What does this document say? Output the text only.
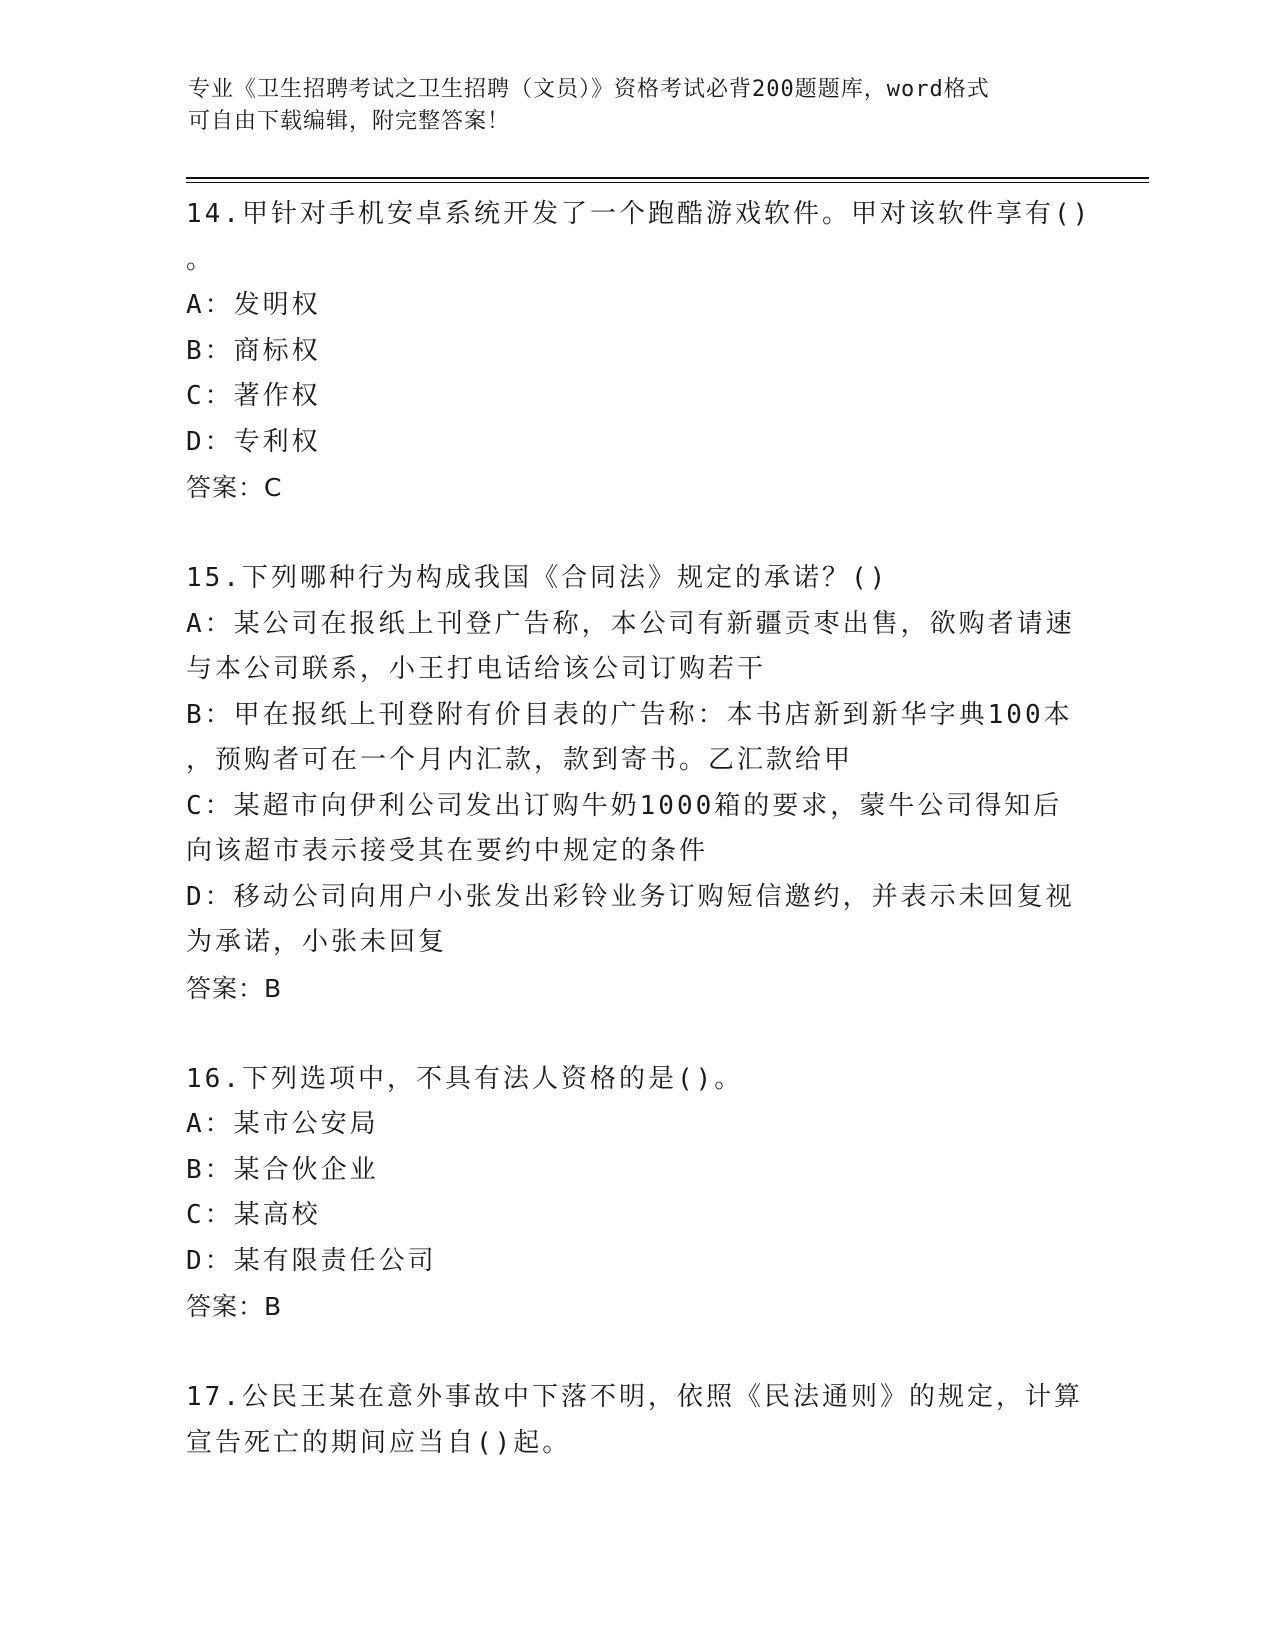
专业《卫生招聘考试之卫生招聘（文员）》资格考试必背200题题库，word格式
可自由下载编辑，附完整答案！
14.甲针对手机安卓系统开发了一个跑酷游戏软件。甲对该软件享有()
。
A：发明权
B：商标权
C：著作权
D：专利权
答案：C
15.下列哪种行为构成我国《合同法》规定的承诺？()
A：某公司在报纸上刊登广告称，本公司有新疆贡枣出售，欲购者请速
与本公司联系，小王打电话给该公司订购若干
B：甲在报纸上刊登附有价目表的广告称：本书店新到新华字典100本
，预购者可在一个月内汇款，款到寄书。乙汇款给甲
C：某超市向伊利公司发出订购牛奶1000箱的要求，蒙牛公司得知后
向该超市表示接受其在要约中规定的条件
D：移动公司向用户小张发出彩铃业务订购短信邀约，并表示未回复视
为承诺，小张未回复
答案：B
16.下列选项中，不具有法人资格的是()。
A：某市公安局
B：某合伙企业
C：某高校
D：某有限责任公司
答案：B
17.公民王某在意外事故中下落不明，依照《民法通则》的规定，计算
宣告死亡的期间应当自()起。
